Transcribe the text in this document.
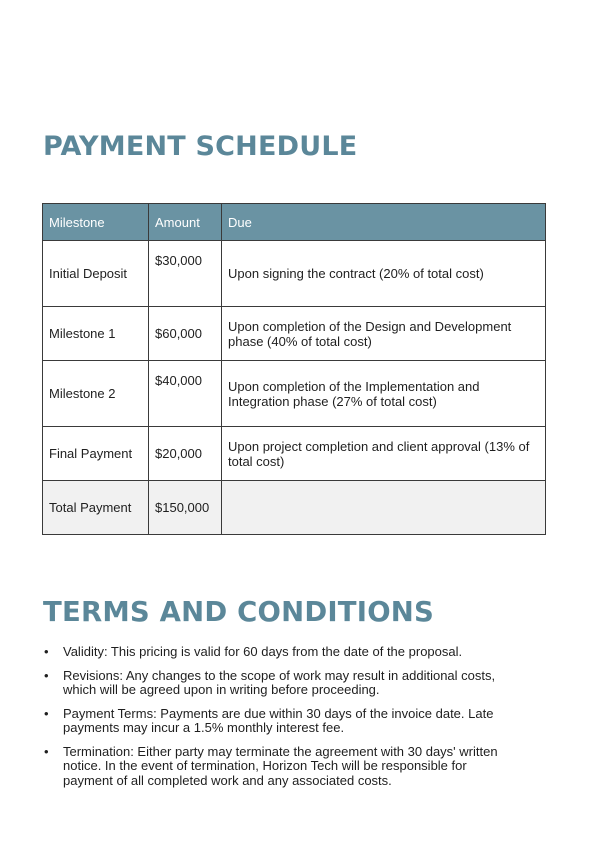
PAYMENT SCHEDULE
Milestone	Amount	Due
Initial Deposit	$30,000	Upon signing the contract (20% of total cost)
Milestone 1	$60,000	Upon completion of the Design and Development phase (40% of total cost)
Milestone 2	$40,000	Upon completion of the Implementation and Integration phase (27% of total cost)
Final Payment	$20,000	Upon project completion and client approval (13% of total cost)
Total Payment	$150,000	
TERMS AND CONDITIONS
• Validity: This pricing is valid for 60 days from the date of the proposal.
• Revisions: Any changes to the scope of work may result in additional costs, which will be agreed upon in writing before proceeding.
• Payment Terms: Payments are due within 30 days of the invoice date. Late payments may incur a 1.5% monthly interest fee.
• Termination: Either party may terminate the agreement with 30 days' written notice. In the event of termination, Horizon Tech will be responsible for payment of all completed work and any associated costs.
